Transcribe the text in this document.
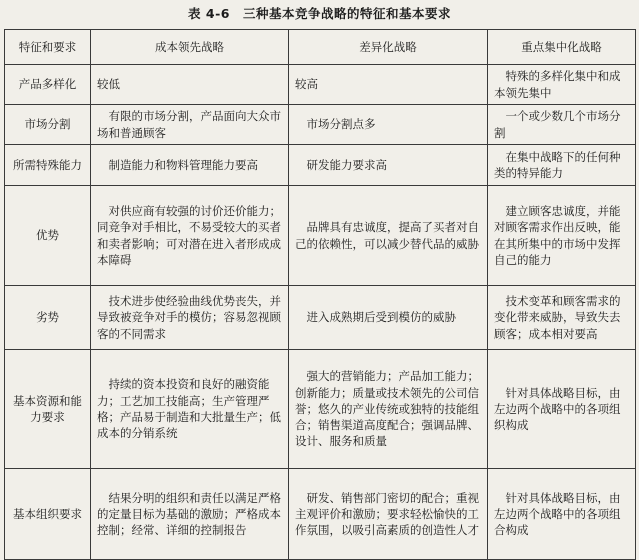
表 4-6　三种基本竞争战略的特征和基本要求
特征和要求	成本领先战略	差异化战略	重点集中化战略
产品多样化	较低	较高	特殊的多样化集中和成本领先集中
市场分割	有限的市场分割，产品面向大众市场和普通顾客	市场分割点多	一个或少数几个市场分割
所需特殊能力	制造能力和物料管理能力要高	研发能力要求高	在集中战略下的任何种类的特异能力
优势	对供应商有较强的讨价还价能力；同竞争对手相比，不易受较大的买者和卖者影响；可对潜在进入者形成成本障碍	品牌具有忠诚度，提高了买者对自己的依赖性，可以减少替代品的威胁	建立顾客忠诚度，并能对顾客需求作出反映，能在其所集中的市场中发挥自己的能力
劣势	技术进步使经验曲线优势丧失，并导致被竞争对手的模仿；容易忽视顾客的不同需求	进入成熟期后受到模仿的威胁	技术变革和顾客需求的变化带来威胁，导致失去顾客；成本相对要高
基本资源和能力要求	持续的资本投资和良好的融资能力；工艺加工技能高；生产管理严格；产品易于制造和大批量生产；低成本的分销系统	强大的营销能力；产品加工能力；创新能力；质量或技术领先的公司信誉；悠久的产业传统或独特的技能组合；销售渠道高度配合；强调品牌、设计、服务和质量	针对具体战略目标，由左边两个战略中的各项组织构成
基本组织要求	结果分明的组织和责任以满足严格的定量目标为基础的激励；严格成本控制；经常、详细的控制报告	研发、销售部门密切的配合；重视主观评价和激励；要求轻松愉快的工作氛围，以吸引高素质的创造性人才	针对具体战略目标，由左边两个战略中的各项组合构成
